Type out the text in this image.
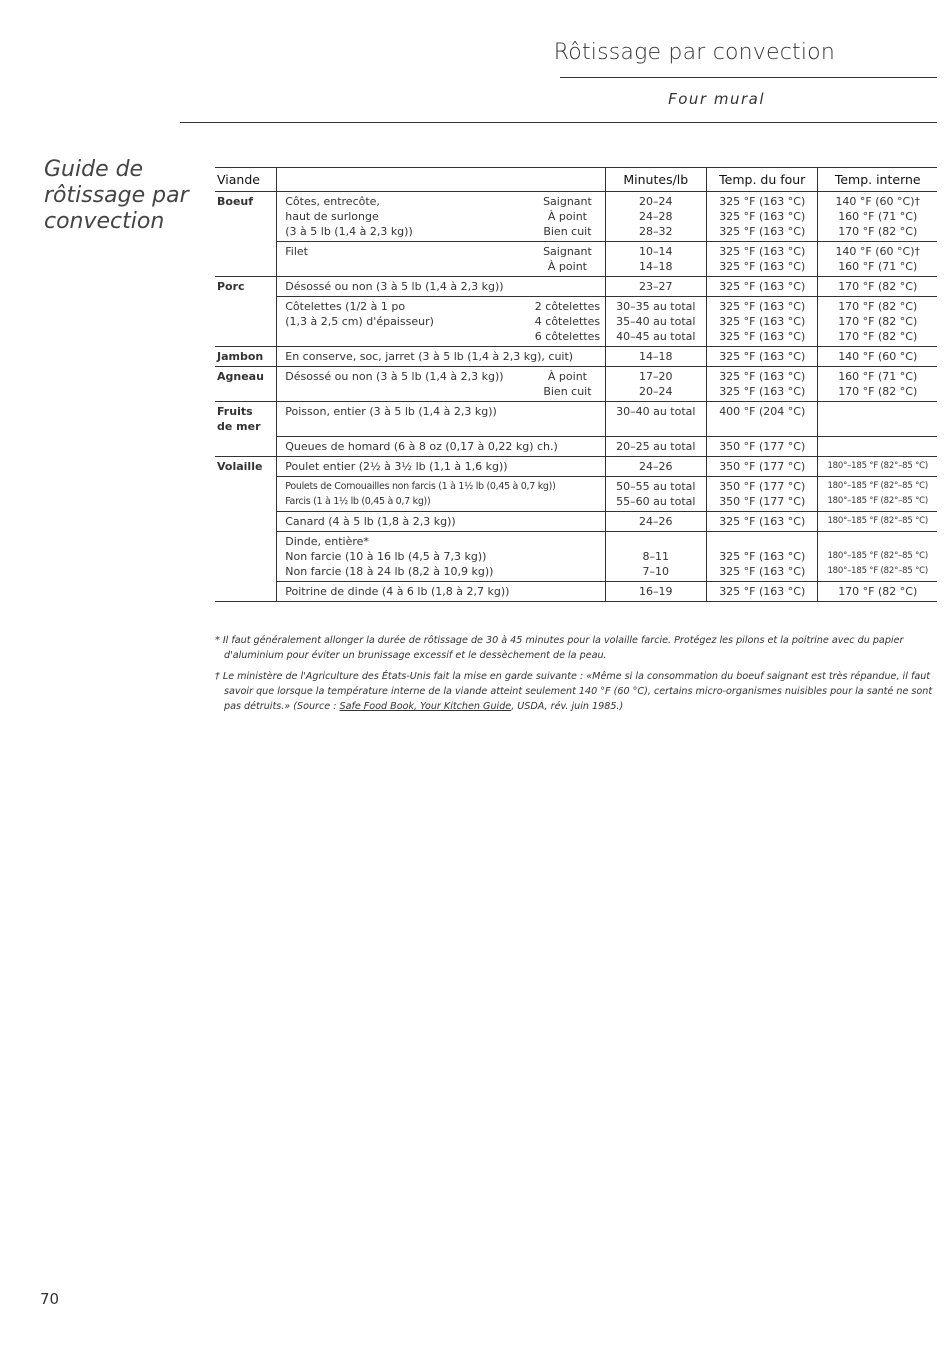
Rôtissage par convection
Four mural
Guide de
rôtissage par
convection
Viande			Minutes/lb	Temp. du four	Temp. interne

Boeuf	Côtes, entrecôte,
haut de surlonge
(3 à 5 lb (1,4 à 2,3 kg))	Saignant
À point
Bien cuit	20–24
24–28
28–32	325 °F (163 °C)
325 °F (163 °C)
325 °F (163 °C)	140 °F (60 °C)†
160 °F (71 °C)
170 °F (82 °C)

	Filet	Saignant
À point	10–14
14–18	325 °F (163 °C)
325 °F (163 °C)	140 °F (60 °C)†
160 °F (71 °C)

Porc	Désossé ou non (3 à 5 lb (1,4 à 2,3 kg))		23–27	325 °F (163 °C)	170 °F (82 °C)

	Côtelettes (1/2 à 1 po
(1,3 à 2,5 cm) d'épaisseur)	2 côtelettes
4 côtelettes
6 côtelettes	30–35 au total
35–40 au total
40–45 au total	325 °F (163 °C)
325 °F (163 °C)
325 °F (163 °C)	170 °F (82 °C)
170 °F (82 °C)
170 °F (82 °C)

Jambon	En conserve, soc, jarret (3 à 5 lb (1,4 à 2,3 kg), cuit)		14–18	325 °F (163 °C)	140 °F (60 °C)

Agneau	Désossé ou non (3 à 5 lb (1,4 à 2,3 kg))	À point
Bien cuit	17–20
20–24	325 °F (163 °C)
325 °F (163 °C)	160 °F (71 °C)
170 °F (82 °C)

Fruits
de mer	Poisson, entier (3 à 5 lb (1,4 à 2,3 kg))		30–40 au total	400 °F (204 °C)	

	Queues de homard (6 à 8 oz (0,17 à 0,22 kg) ch.)		20–25 au total	350 °F (177 °C)	

Volaille	Poulet entier (2½ à 3½ lb (1,1 à 1,6 kg))		24–26	350 °F (177 °C)	180°–185 °F (82°–85 °C)

	Poulets de Cornouailles non farcis (1 à 1½ lb (0,45 à 0,7 kg))
Farcis (1 à 1½ lb (0,45 à 0,7 kg))		50–55 au total
55–60 au total	350 °F (177 °C)
350 °F (177 °C)	180°–185 °F (82°–85 °C)
180°–185 °F (82°–85 °C)

	Canard (4 à 5 lb (1,8 à 2,3 kg))		24–26	325 °F (163 °C)	180°–185 °F (82°–85 °C)

	Dinde, entière*
Non farcie (10 à 16 lb (4,5 à 7,3 kg))
Non farcie (18 à 24 lb (8,2 à 10,9 kg))		8–11
7–10	325 °F (163 °C)
325 °F (163 °C)	180°–185 °F (82°–85 °C)
180°–185 °F (82°–85 °C)

	Poitrine de dinde (4 à 6 lb (1,8 à 2,7 kg))		16–19	325 °F (163 °C)	170 °F (82 °C)

* Il faut généralement allonger la durée de rôtissage de 30 à 45 minutes pour la volaille farcie. Protégez les pilons et la poitrine avec du papier d'aluminium pour éviter un brunissage excessif et le dessèchement de la peau.

† Le ministère de l'Agriculture des États-Unis fait la mise en garde suivante : «Même si la consommation du boeuf saignant est très répandue, il faut savoir que lorsque la température interne de la viande atteint seulement 140 °F (60 °C), certains micro-organismes nuisibles pour la santé ne sont pas détruits.» (Source : Safe Food Book, Your Kitchen Guide, USDA, rév. juin 1985.)

70
